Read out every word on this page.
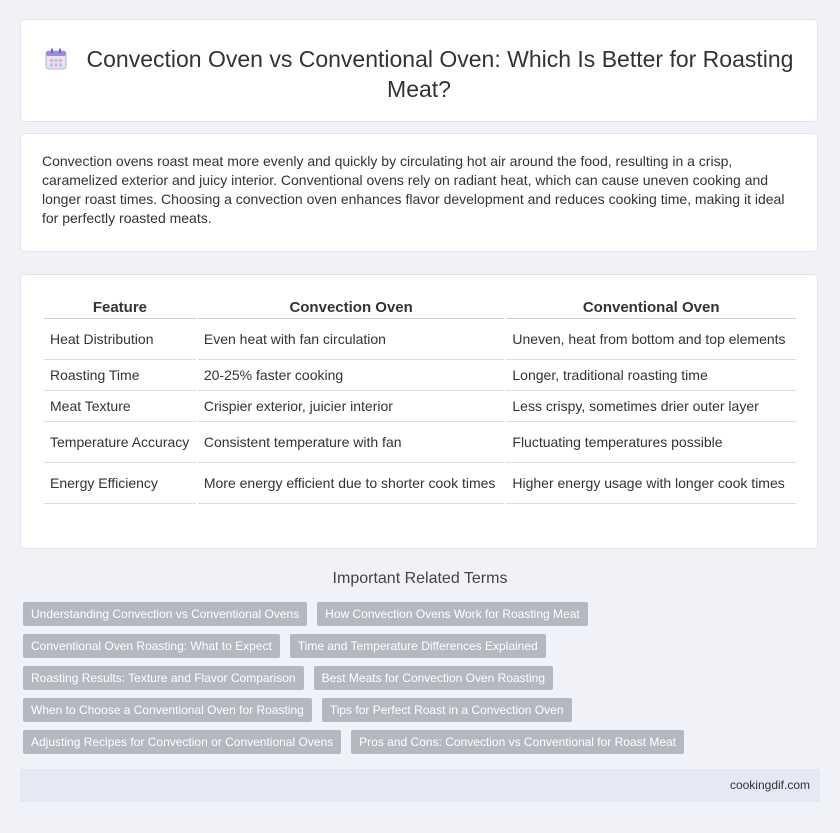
Convection Oven vs Conventional Oven: Which Is Better for Roasting Meat?
Convection ovens roast meat more evenly and quickly by circulating hot air around the food, resulting in a crisp, caramelized exterior and juicy interior. Conventional ovens rely on radiant heat, which can cause uneven cooking and longer roast times. Choosing a convection oven enhances flavor development and reduces cooking time, making it ideal for perfectly roasted meats.
Feature	Convection Oven	Conventional Oven
Heat Distribution	Even heat with fan circulation	Uneven, heat from bottom and top elements
Roasting Time	20-25% faster cooking	Longer, traditional roasting time
Meat Texture	Crispier exterior, juicier interior	Less crispy, sometimes drier outer layer
Temperature Accuracy	Consistent temperature with fan	Fluctuating temperatures possible
Energy Efficiency	More energy efficient due to shorter cook times	Higher energy usage with longer cook times
Important Related Terms
Understanding Convection vs Conventional Ovens How Convection Ovens Work for Roasting Meat
Conventional Oven Roasting: What to Expect Time and Temperature Differences Explained
Roasting Results: Texture and Flavor Comparison Best Meats for Convection Oven Roasting
When to Choose a Conventional Oven for Roasting Tips for Perfect Roast in a Convection Oven
Adjusting Recipes for Convection or Conventional Ovens Pros and Cons: Convection vs Conventional for Roast Meat
cookingdif.com
